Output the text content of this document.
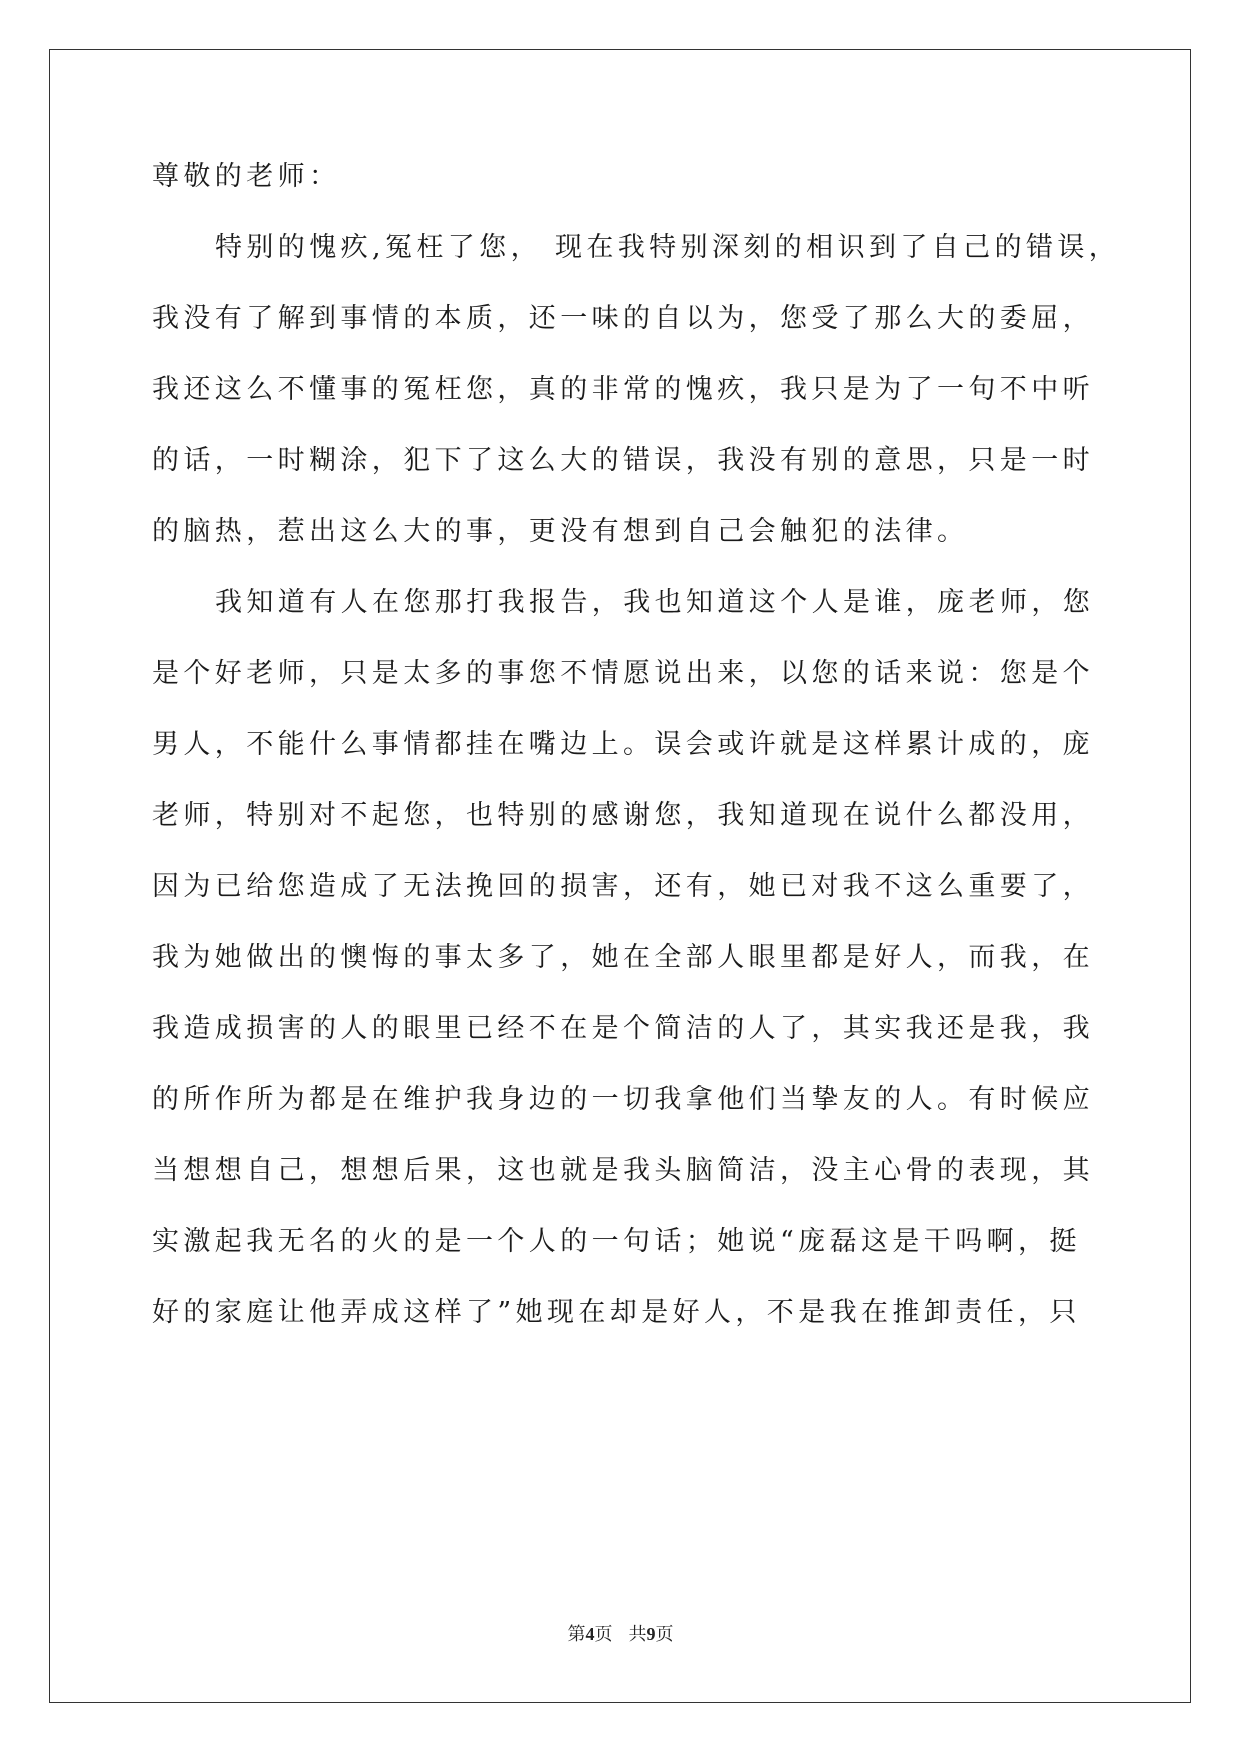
尊敬的老师：
特别的愧疚,冤枉了您， 现在我特别深刻的相识到了自己的错误，
我没有了解到事情的本质，还一味的自以为，您受了那么大的委屈，
我还这么不懂事的冤枉您，真的非常的愧疚，我只是为了一句不中听
的话，一时糊涂，犯下了这么大的错误，我没有别的意思，只是一时
的脑热，惹出这么大的事，更没有想到自己会触犯的法律。
我知道有人在您那打我报告，我也知道这个人是谁，庞老师，您
是个好老师，只是太多的事您不情愿说出来，以您的话来说：您是个
男人，不能什么事情都挂在嘴边上。误会或许就是这样累计成的，庞
老师，特别对不起您，也特别的感谢您，我知道现在说什么都没用，
因为已给您造成了无法挽回的损害，还有，她已对我不这么重要了，
我为她做出的懊悔的事太多了，她在全部人眼里都是好人，而我，在
我造成损害的人的眼里已经不在是个简洁的人了，其实我还是我，我
的所作所为都是在维护我身边的一切我拿他们当挚友的人。有时候应
当想想自己，想想后果，这也就是我头脑简洁，没主心骨的表现，其
实激起我无名的火的是一个人的一句话；她说“庞磊这是干吗啊，挺
好的家庭让他弄成这样了”她现在却是好人，不是我在推卸责任，只
第4页 共9页
